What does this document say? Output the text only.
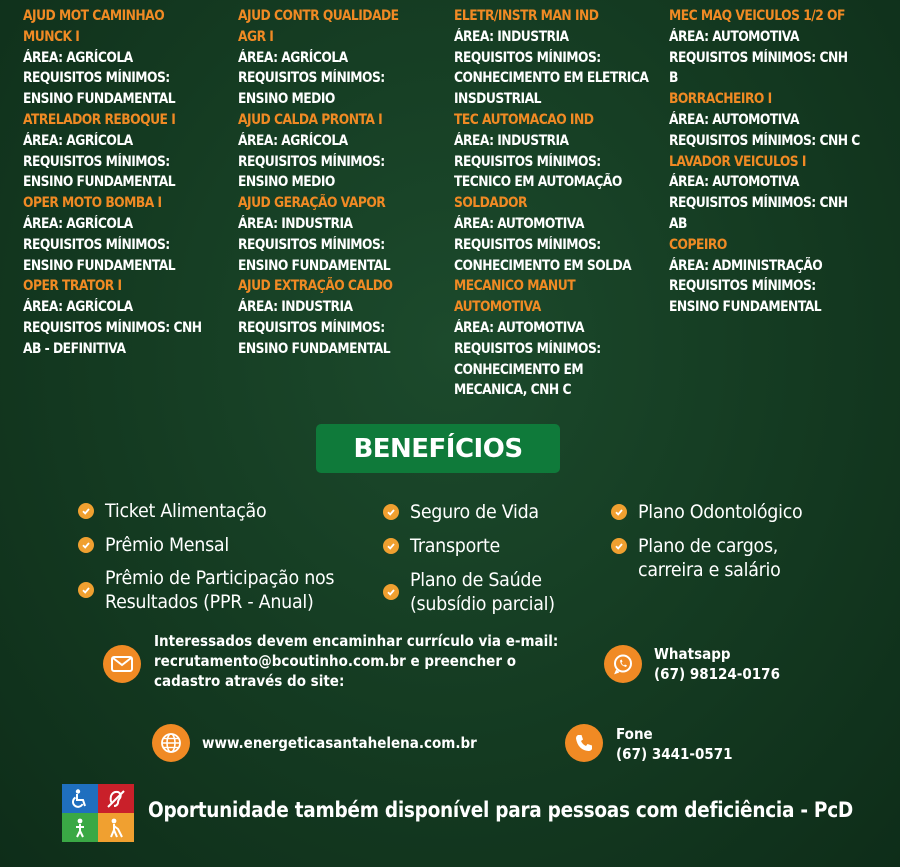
AJUD MOT CAMINHAO

MUNCK I

ÁREA: AGRÍCOLA

REQUISITOS MÍNIMOS:

ENSINO FUNDAMENTAL

ATRELADOR REBOQUE I

ÁREA: AGRÍCOLA

REQUISITOS MÍNIMOS:

ENSINO FUNDAMENTAL

OPER MOTO BOMBA I

ÁREA: AGRÍCOLA

REQUISITOS MÍNIMOS:

ENSINO FUNDAMENTAL

OPER TRATOR I

ÁREA: AGRÍCOLA

REQUISITOS MÍNIMOS: CNH

AB - DEFINITIVA

AJUD CONTR QUALIDADE

AGR I

ÁREA: AGRÍCOLA

REQUISITOS MÍNIMOS:

ENSINO MEDIO

AJUD CALDA PRONTA I

ÁREA: AGRÍCOLA

REQUISITOS MÍNIMOS:

ENSINO MEDIO

AJUD GERAÇÃO VAPOR

ÁREA: INDUSTRIA

REQUISITOS MÍNIMOS:

ENSINO FUNDAMENTAL

AJUD EXTRAÇÃO CALDO

ÁREA: INDUSTRIA

REQUISITOS MÍNIMOS:

ENSINO FUNDAMENTAL

ELETR/INSTR MAN IND

ÁREA: INDUSTRIA

REQUISITOS MÍNIMOS:

CONHECIMENTO EM ELETRICA

INSDUSTRIAL

TEC AUTOMACAO IND

ÁREA: INDUSTRIA

REQUISITOS MÍNIMOS:

TECNICO EM AUTOMAÇÃO

SOLDADOR

ÁREA: AUTOMOTIVA

REQUISITOS MÍNIMOS:

CONHECIMENTO EM SOLDA

MECANICO MANUT

AUTOMOTIVA

ÁREA: AUTOMOTIVA

REQUISITOS MÍNIMOS:

CONHECIMENTO EM

MECANICA, CNH C

MEC MAQ VEICULOS 1/2 OF

ÁREA: AUTOMOTIVA

REQUISITOS MÍNIMOS: CNH

B

BORRACHEIRO I

ÁREA: AUTOMOTIVA

REQUISITOS MÍNIMOS: CNH C

LAVADOR VEICULOS I

ÁREA: AUTOMOTIVA

REQUISITOS MÍNIMOS: CNH

AB

COPEIRO

ÁREA: ADMINISTRAÇÃO

REQUISITOS MÍNIMOS:

ENSINO FUNDAMENTAL

BENEFÍCIOS
Ticket Alimentação
Prêmio Mensal
Prêmio de Participação nos
Resultados (PPR - Anual)
Seguro de Vida
Transporte
Plano de Saúde
(subsídio parcial)
Plano Odontológico
Plano de cargos,
carreira e salário
Interessados devem encaminhar currículo via e-mail:
recrutamento@bcoutinho.com.br e preencher o
cadastro através do site:
Whatsapp
(67) 98124-0176
www.energeticasantahelena.com.br	Fone
(67) 3441-0571
Oportunidade também disponível para pessoas com deficiência - PcD
